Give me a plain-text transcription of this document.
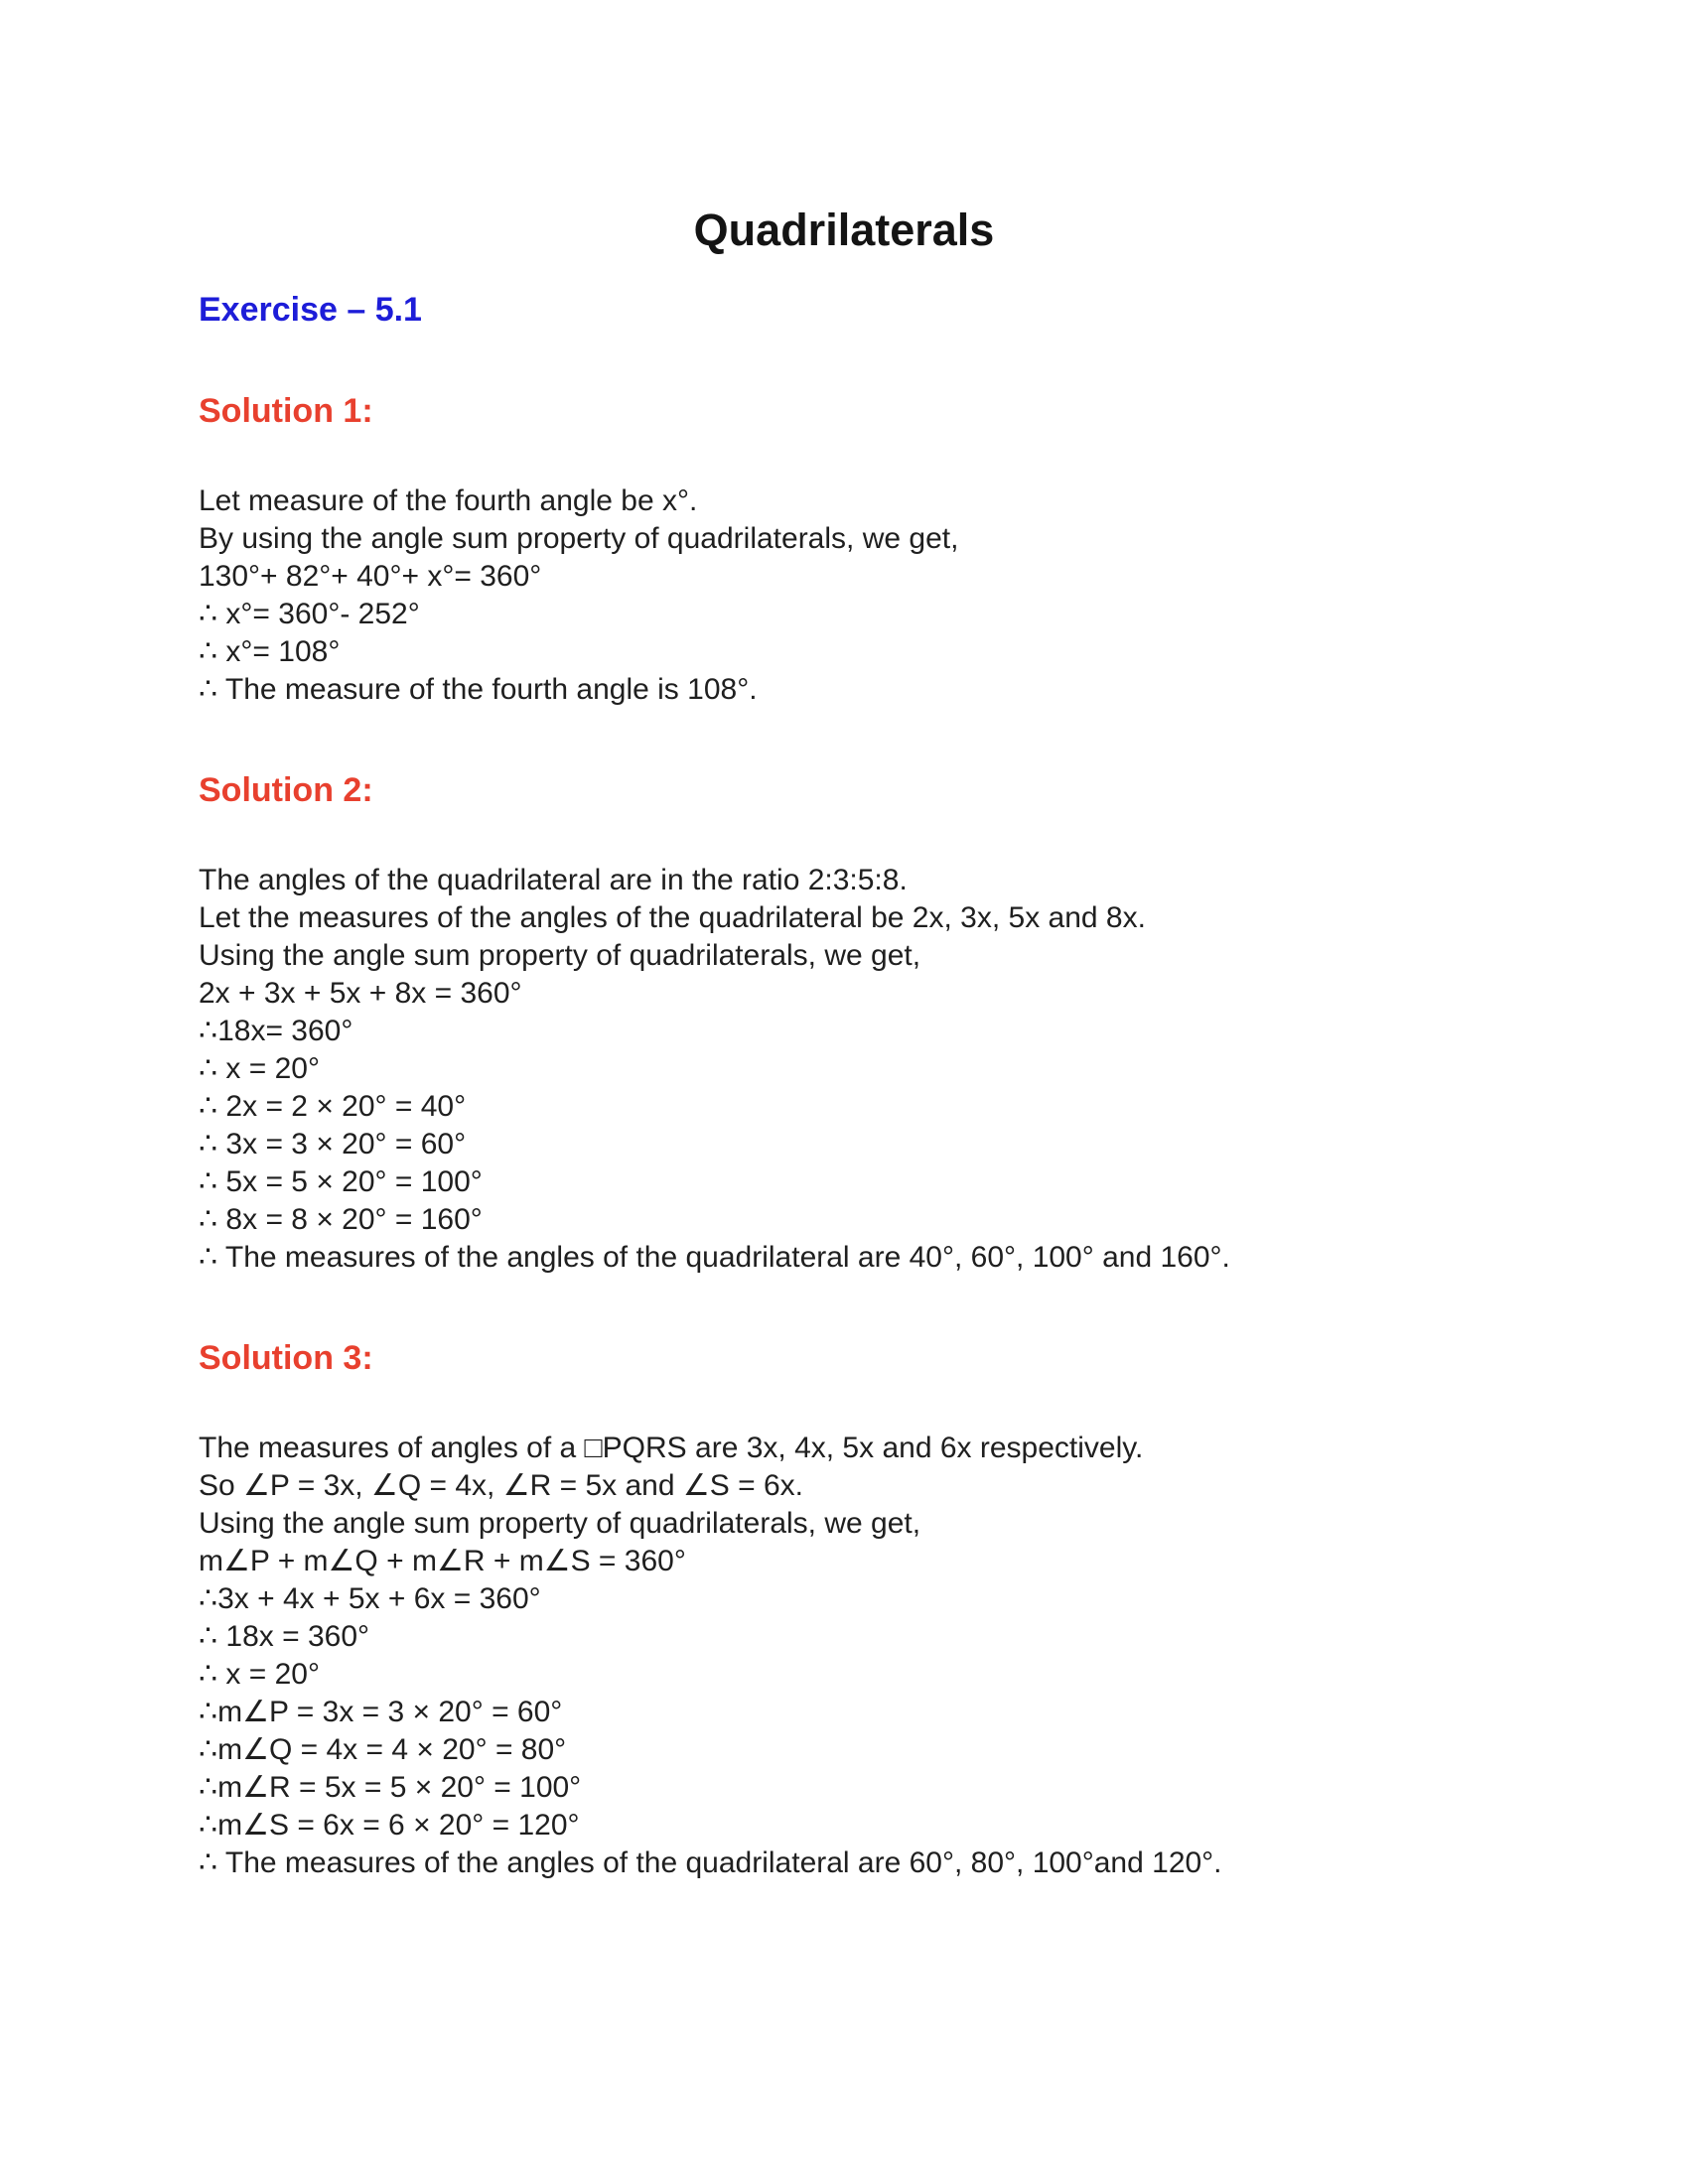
Quadrilaterals
Exercise – 5.1
Solution 1:
Let measure of the fourth angle be x°.
By using the angle sum property of quadrilaterals, we get,
130°+ 82°+ 40°+ x°= 360°
∴ x°= 360°- 252°
∴ x°= 108°
∴ The measure of the fourth angle is 108°.
Solution 2:
The angles of the quadrilateral are in the ratio 2:3:5:8.
Let the measures of the angles of the quadrilateral be 2x, 3x, 5x and 8x.
Using the angle sum property of quadrilaterals, we get,
2x + 3x + 5x + 8x = 360°
∴18x= 360°
∴ x = 20°
∴ 2x = 2 × 20° = 40°
∴ 3x = 3 × 20° = 60°
∴ 5x = 5 × 20° = 100°
∴ 8x = 8 × 20° = 160°
∴ The measures of the angles of the quadrilateral are 40°, 60°, 100° and 160°.
Solution 3:
The measures of angles of a □PQRS are 3x, 4x, 5x and 6x respectively.
So ∠P = 3x, ∠Q = 4x, ∠R = 5x and ∠S = 6x.
Using the angle sum property of quadrilaterals, we get,
m∠P + m∠Q + m∠R + m∠S = 360°
∴3x + 4x + 5x + 6x = 360°
∴ 18x = 360°
∴ x = 20°
∴m∠P = 3x = 3 × 20° = 60°
∴m∠Q = 4x = 4 × 20° = 80°
∴m∠R = 5x = 5 × 20° = 100°
∴m∠S = 6x = 6 × 20° = 120°
∴ The measures of the angles of the quadrilateral are 60°, 80°, 100°and 120°.
